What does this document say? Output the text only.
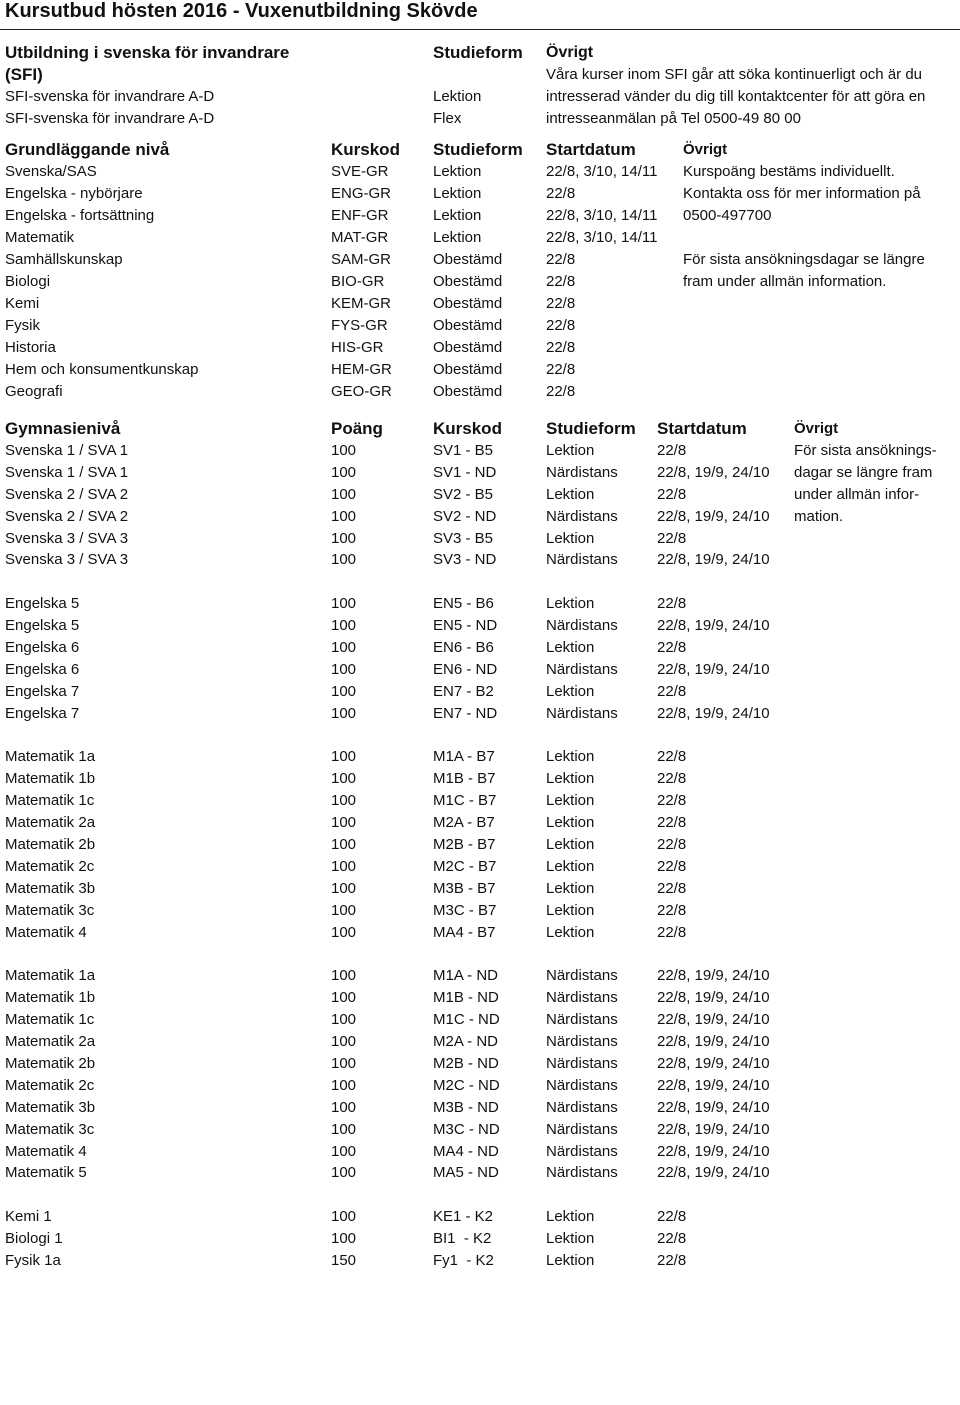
Kursutbud hösten 2016 - Vuxenutbildning Skövde
Utbildning i svenska för invandrare	Studieform Övrigt
(SFI)
SFI-svenska för invandrare A-D	Lektion
SFI-svenska för invandrare A-D	Flex
Våra kurser inom SFI går att söka kontinuerligt och är du
intresserad vänder du dig till kontaktcenter för att göra en
intresseanmälan på Tel 0500-49 80 00
Grundläggande nivå	Kurskod Studieform Startdatum	Övrigt
Svenska/SAS	SVE-GR	Lektion	22/8, 3/10, 14/11
Engelska - nybörjare	ENG-GR	Lektion	22/8
Engelska - fortsättning	ENF-GR	Lektion	22/8, 3/10, 14/11
Matematik	MAT-GR	Lektion	22/8, 3/10, 14/11
Samhällskunskap	SAM-GR	Obestämd	22/8
Biologi	BIO-GR	Obestämd	22/8
Kemi	KEM-GR	Obestämd	22/8
Fysik	FYS-GR	Obestämd	22/8
Historia	HIS-GR	Obestämd	22/8
Hem och konsumentkunskap	HEM-GR	Obestämd	22/8
Geografi	GEO-GR	Obestämd	22/8
Kurspoäng bestäms individuellt.
Kontakta oss för mer information på
0500-497700
För sista ansökningsdagar se längre
fram under allmän information.
Gymnasienivå	Poäng	Kurskod	Studieform Startdatum	Övrigt
Svenska 1 / SVA 1	100	SV1 - B5	Lektion	22/8
Svenska 1 / SVA 1	100	SV1 - ND	Närdistans	22/8, 19/9, 24/10
Svenska 2 / SVA 2	100	SV2 - B5	Lektion	22/8
Svenska 2 / SVA 2	100	SV2 - ND	Närdistans	22/8, 19/9, 24/10
Svenska 3 / SVA 3	100	SV3 - B5	Lektion	22/8
Svenska 3 / SVA 3	100	SV3 - ND	Närdistans	22/8, 19/9, 24/10
Engelska 5	100	EN5 - B6	Lektion	22/8
Engelska 5	100	EN5 - ND	Närdistans	22/8, 19/9, 24/10
Engelska 6	100	EN6 - B6	Lektion	22/8
Engelska 6	100	EN6 - ND	Närdistans	22/8, 19/9, 24/10
Engelska 7	100	EN7 - B2	Lektion	22/8
Engelska 7	100	EN7 - ND	Närdistans	22/8, 19/9, 24/10
Matematik 1a	100	M1A - B7	Lektion	22/8
Matematik 1b	100	M1B - B7	Lektion	22/8
Matematik 1c	100	M1C - B7	Lektion	22/8
Matematik 2a	100	M2A - B7	Lektion	22/8
Matematik 2b	100	M2B - B7	Lektion	22/8
Matematik 2c	100	M2C - B7	Lektion	22/8
Matematik 3b	100	M3B - B7	Lektion	22/8
Matematik 3c	100	M3C - B7	Lektion	22/8
Matematik 4	100	MA4 - B7	Lektion	22/8
Matematik 1a	100	M1A - ND	Närdistans	22/8, 19/9, 24/10
Matematik 1b	100	M1B - ND	Närdistans	22/8, 19/9, 24/10
Matematik 1c	100	M1C - ND	Närdistans	22/8, 19/9, 24/10
Matematik 2a	100	M2A - ND	Närdistans	22/8, 19/9, 24/10
Matematik 2b	100	M2B - ND	Närdistans	22/8, 19/9, 24/10
Matematik 2c	100	M2C - ND	Närdistans	22/8, 19/9, 24/10
Matematik 3b	100	M3B - ND	Närdistans	22/8, 19/9, 24/10
Matematik 3c	100	M3C - ND	Närdistans	22/8, 19/9, 24/10
Matematik 4	100	MA4 - ND	Närdistans	22/8, 19/9, 24/10
Matematik 5	100	MA5 - ND	Närdistans	22/8, 19/9, 24/10
Kemi 1	100	KE1 - K2	Lektion	22/8
Biologi 1	100	BI1  - K2	Lektion	22/8
Fysik 1a	150	Fy1  - K2	Lektion	22/8
För sista ansöknings-
dagar se längre fram
under allmän infor-
mation.
